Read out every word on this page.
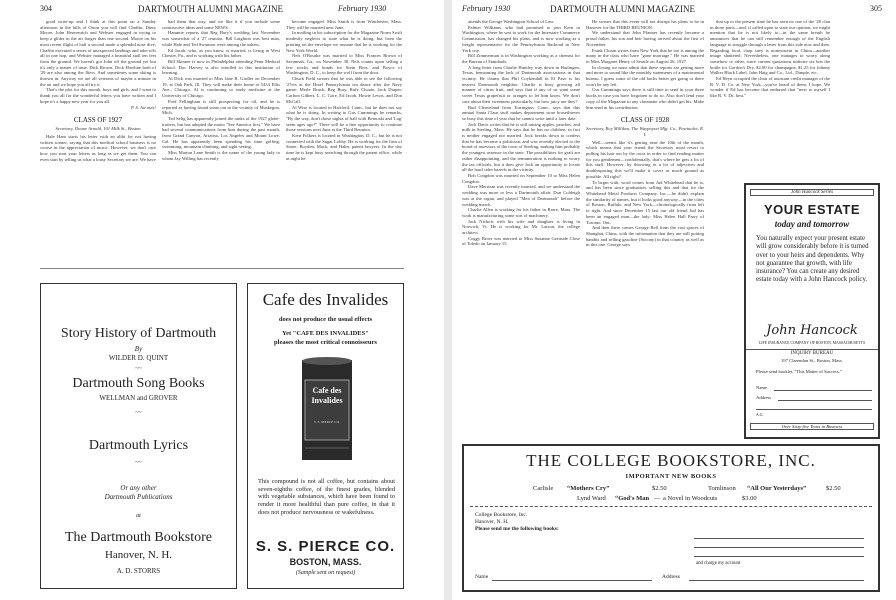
304	DARTMOUTH ALUMNI MAGAZINE	February 1930

good write-up and I think at this point on a Sunday afternoon in the hills of Orion you will find Chaffin, Dinty Moore, John Heavenrich and Webster engaged in trying to keep a glider in the air longer than one second. Moore on his most recent flight of half a second made a splendid nose dive, Chaffin executed a series of unexpected landings and take-offs all in one hop, and Webster managed a beautiful stall ten feet from the ground. We haven't got John off the ground yet but it's only a matter of time. Dick Brown, Dick Eberline both of '29 are also among the fliers. And sometimes some skiing is thrown in. Anyway we are all veterans of maybe a minute in the air and we hope you all try it.

That's the plot for this month, boys and girls, and I want to thank you all for the wonderful letters you have written and I hope it's a happy new year for you all.

P. S. Aw nuts!

CLASS OF 1927

Secretary, Doane Arnold, 101 Milk St., Boston

Hale Ham starts his letter with an alibi for not having written sooner, saying that this medical school business is no course in the appreciation of music. However, we don't care how you start your letters as long as we get them. You can even start by telling us what a lousy Secretary we are. We have

had them that way, and we like it if you include some constructive ideas and some NEWS.

Hammie reports that Reg Bury's wedding last November was somewhat of a '27 reunion. Bill Laighton was best man, while Hale and Ted Swanson were among the ushers.

Ed Jacob, who, as you know, is married, is living in West Chester, Pa., and is working with his father.

Bill Skinner is now in Philadelphia attending Penn Medical School. Doc Harvey is also enrolled in this institution of learning.

Al Dick was married to Miss Jane B. Girdler on December 19, at Oak Park, Ill. They will make their home at 5434 Ellis Ave., Chicago. Al is continuing to study medicine at the University of Chicago.

Fred Fellingham is still prospecting for oil, and he is reported as having found some out in the vicinity of Muskegon, Mich.

Ted Selig has apparently joined the ranks of the 1927 globe-trotters, but has adopted the motto "See America first." We have had several communications from him during the past month, from Grand Canyon, Arizona, Los Angeles and Mount Lowe, Cal. He has apparently been spending his time golfing, swimming, mountain climbing, and sight-seeing.

Miss Marion Lane Smith is the name of the young lady to whom Jay Willing has recently

become engaged. Miss Smith is from Winchester, Mass. They will be married next June.

In mailing in his subscription for the Magazine Norm Swift modestly neglects to state what he is doing, but from the printing on the envelope we assume that he is working for the New York World.

Nels O'Rourke was married to Miss Frances Brown of Savannah, Ga., on November 30. Nels counts upon selling a few stocks and bonds for Stein Bros. and Boyce of Washington, D. C., to keep the wolf from the door.

Chuck Field swears that he was able to see the following '27ers at the Hotel Pennsylvania tea dance after the Navy game: Merle Brush, Reg Bury, Rufe Choate, Jack Draper, Carlton Gilbert, L. C. Gore, Ed Jacob, Howie Lewis, and Don McCall.

Al Wise is located in Hartford, Conn., but he does not say what he is doing. In writing to Gus Cummings he remarks, "By the way, don't those nights of hall with Bernoski and 'Lag' seem ages ago?" There will be a fine opportunity to continue those sessions next June at the Third Reunion.

Kern Folkers is located in Washington, D. C., but he is not connected with the Sugar Lobby. He is working for the firm of Stone, Boyden, Mack, and Hahn, patent lawyers. In the day time he is kept busy searching through the patent office, while at night he

Story History of Dartmouth
By
WILDER D. QUINT
~~
Dartmouth Song Books
WELLMAN and GROVER
~~
Dartmouth Lyrics
~~
Or any other
Dartmouth Publications
at
The Dartmouth Bookstore
Hanover, N. H.
A. D. STORRS
Cafe des Invalides
does not produce the usual effects
Yet "CAFE DES INVALIDES"
pleases the most critical connoisseurs
Cafe des
Invalides
S. S. PIERCE CO.
This compound is not all coffee, but contains about seven-eighths coffee, of the finest grades, blended with vegetable substances, which have been found to render it more healthful than pure coffee, in that it does not produce nervousness or wakefulness.
S. S. PIERCE CO.
BOSTON, MASS.
(Sample sent on request)
February 1930	DARTMOUTH ALUMNI MAGAZINE	305

attends the George Washington School of Law.

Palmer Williams, who had promised to join Kern in Washington, where he was to work for the Interstate Commerce Commission, has changed his plans, and is now working as a freight representative for the Pennsylvania Railroad in New York city.

Bill Zimmerman is in Washington working as a chemist for the Bureau of Standards.

A long letter from Charlie Huntley way down in Harlingen, Texas, bemoaning the lack of Dartmouth associations in that vicinity. He claims that Phil Coykendall in El Paso is his nearest Dartmouth neighbor. Charlie is busy growing all manner of citrus fruit, and says that if any of us want some sweet Texas grapefruit or oranges to let him know. We don't care about their sweetness particularly, but how juicy are they?

Bud Cleaveland from Torrington, Conn., says that this annual Santa Claus stuff makes department store horsethieves so busy this time of year that he cannot write until a later date.

Jock Davis writes that he is still raising apples, peaches, and milk in Sterling, Mass. He says that he has no children, in fact is neither engaged nor married. Jock breaks down to confess that he has become a politician, and was recently elected to the board of assessors of the town of Sterling, making him probably the youngest assessor in the state. The possibilities for graft are rather disappointing, and the remuneration is nothing to worry the tax officials, but it does give Jock an opportunity to locate all the hard cider barrels in the vicinity.

Bob Congdon was married on September 10 to Miss Helen Congdon.

Dave Merriam was recently married, and we understand the wedding was more or less a Dartmouth affair. Don Coldeigh was at the organ, and played "Men of Dartmouth" before the wedding march.

Charlie Allen is working for his father in Barre, Mass. The work is manufacturing some sort of machinery.

Jack Nichols with his wife and daughter is living in Norwich, Vt. He is working for Mr. Larson, the college architect.

Coggy Broer was married to Miss Susanne Gertrude Close of Toledo on January 15.

He swears that this event will not disrupt his plans to be in Hanover for the THIRD REUNION.

We understand that John Pfanner has recently become a proud father, his son and heir having arrived about the first of November.

Frank Cloran writes from New York that he too is among the many in the class who have "gone marriage." He was married to Miss Margaret Henry of Seattle on August 26, 1927.

In closing we must admit that these reports are getting more and more to sound like the monthly statements of a matrimonial bureau. I guess some of the old bachs better get going or there won't be any left.

Gus Cummings says there is still time to send in your three bucks in case you have forgotten to do so. Also don't lend your copy of the Magazine to any classmate who didn't get his. Make him send in his contribution.

CLASS OF 1928

Secretary, Roy Milliken, The Waypoyset Mfg. Co., Pawtucket, R. I.

Well—seems like it's getting near the 10th of the month, which means that your friend the Secretary must resort to pulling his hair out by the roots in order to find reading matter for you gentlemen—confidentially, that's where he gets a lot of this stuff. However, by throwing in a lot of adjectives and doublespacing this we'll make it cover as much ground as possible. All right?

To begin with, word comes from Jud Whitehead that he is, and has been since graduation, selling this and that for the Whitehead Metal Products Company, Inc.—he didn't explain the similarity of names, but it looks good anyway—in the cities of Boston, Buffalo, and New York—chronologically from left to right. And since December 15 last our old friend Jud has been an engaged man—the lady: Miss Helen Hall Parry of Toronto, Ont.

And then there comes George Bell from the vast spaces of Shanghai, China, with the information that they are still potting bandits and selling gasoline (Socony) in that country as well as in this one. George says

that up to the present time he has seen no one of the '28 clan in those parts—and, if called upon to state our opinion, we might mention that he is not likely to—in the same breath he announces that he can still remember enough of the English language to struggle through a letter from this side now and then. Regarding food, chop suey is nonexistent in China—another image shattered. Nevertheless, one manages to worry along somehow or other, since current quotations indicate six bits the bottle for Gordon's Dry, $2.00 for champagne, $1.25 for Johnny Walker Black Label, John Haig and Co., Ltd., Dimple, etc.

Ed Heyn occupied the chair of assistant credit manager of the R. V. D. Co. at New York—you've heard of them, I hope. We wonder if Ed has become that enthused that "next to myself I like B. V. Ds. best."

John Hancock Series
YOUR ESTATE
today and tomorrow
You naturally expect your present estate will grow considerably before it is turned over to your heirs and dependents. Why not guarantee that growth, with life insurance? You can create any desired estate today with a John Hancock policy.
John Hancock
LIFE INSURANCE COMPANY OF BOSTON, MASSACHUSETTS
INQUIRY BUREAU
197 Clarendon St., Boston, Mass.
Please send booklet, "This Matter of Success."
Name
Address
A.G.
Over Sixty-five Years in Business
THE COLLEGE BOOKSTORE, INC.
IMPORTANT NEW BOOKS
Carlisle “Mothers Cry”	$2.50	Tomlinson “All Our Yesterdays”	$2.50
Lynd Ward “God's Man — a Novel in Woodcuts	$3.00
College Bookstore, Inc.
Hanover, N. H.
Please send me the following books:
and charge my account
Name	Address
